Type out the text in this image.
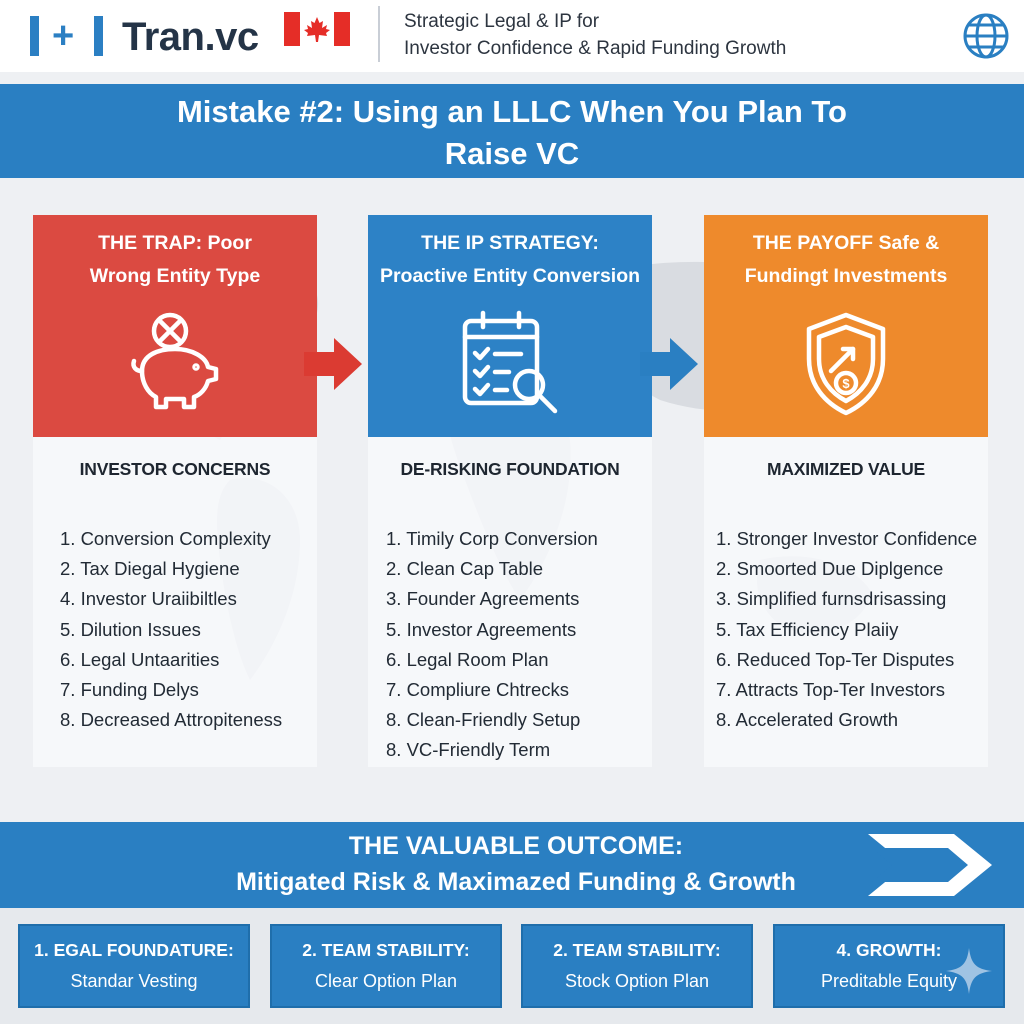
+ Tran.vc	Strategic Legal & IP for
Investor Confidence & Rapid Funding Growth
Mistake #2: Using an LLLC When You Plan To
Raise VC
THE TRAP: Poor
Wrong Entity Type
INVESTOR CONCERNS
1. Conversion Complexity
2. Tax Diegal Hygiene
4. Investor Uraiibiltles
5. Dilution Issues
6. Legal Untaarities
7. Funding Delys
8. Decreased Attropiteness
THE IP STRATEGY:
Proactive Entity Conversion
DE-RISKING FOUNDATION
1. Timily Corp Conversion
2. Clean Cap Table
3. Founder Agreements
5. Investor Agreements
6. Legal Room Plan
7. Compliure Chtrecks
8. Clean-Friendly Setup
8. VC-Friendly Term
THE PAYOFF Safe &
Fundingt Investments
$
MAXIMIZED VALUE
1. Stronger Investor Confidence
2. Smoorted Due Diplgence
3. Simplified furnsdrisassing
5. Tax Efficiency Plaiiy
6. Reduced Top-Ter Disputes
7. Attracts Top-Ter Investors
8. Accelerated Growth
THE VALUABLE OUTCOME:
Mitigated Risk & Maximazed Funding & Growth
1. EGAL FOUNDATURE:
Standar Vesting
2. TEAM STABILITY:
Clear Option Plan
2. TEAM STABILITY:
Stock Option Plan
4. GROWTH:
Preditable Equity
